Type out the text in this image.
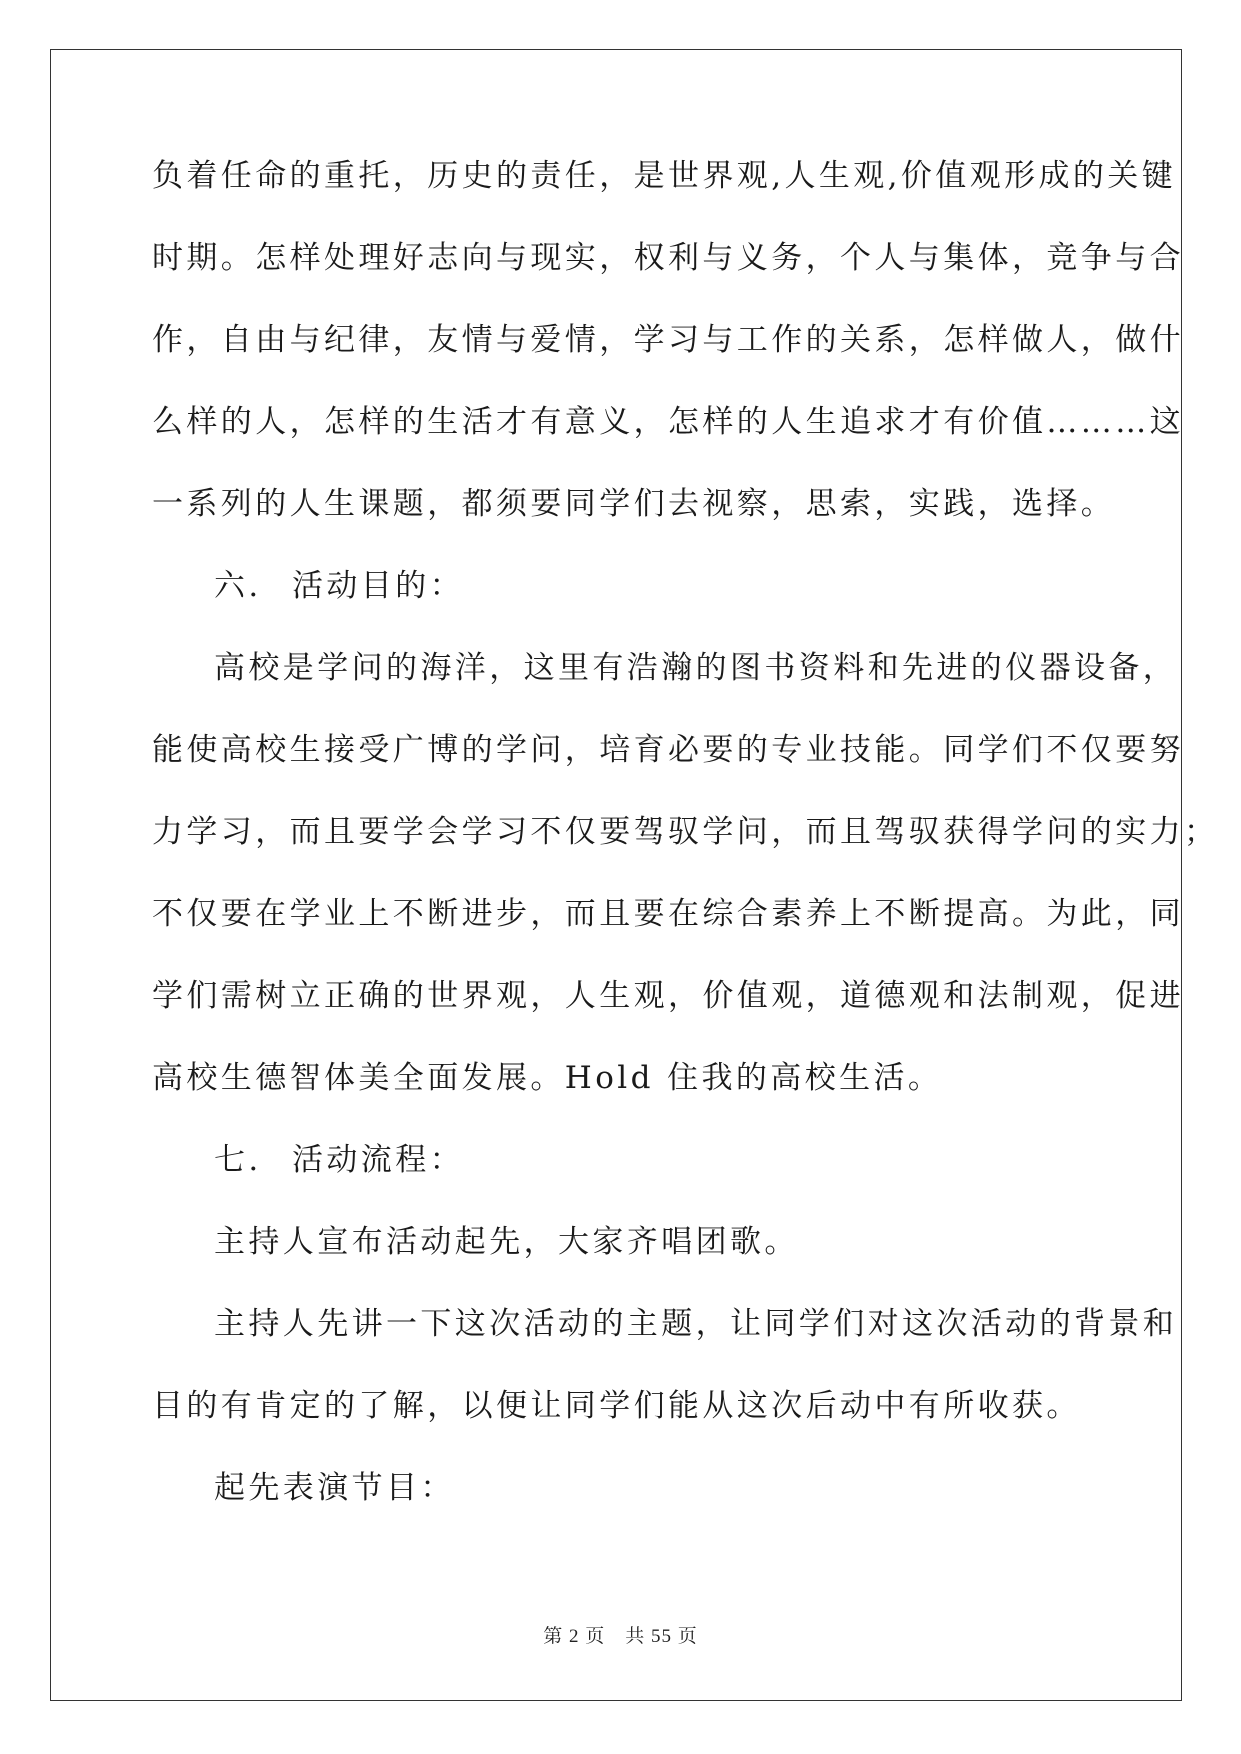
负着任命的重托，历史的责任，是世界观,人生观,价值观形成的关键
时期。怎样处理好志向与现实，权利与义务，个人与集体，竞争与合
作，自由与纪律，友情与爱情，学习与工作的关系，怎样做人，做什
么样的人，怎样的生活才有意义，怎样的人生追求才有价值………这
一系列的人生课题，都须要同学们去视察，思索，实践，选择。
六. 活动目的：
高校是学问的海洋，这里有浩瀚的图书资料和先进的仪器设备，
能使高校生接受广博的学问，培育必要的专业技能。同学们不仅要努
力学习，而且要学会学习不仅要驾驭学问，而且驾驭获得学问的实力；
不仅要在学业上不断进步，而且要在综合素养上不断提高。为此，同
学们需树立正确的世界观，人生观，价值观，道德观和法制观，促进
高校生德智体美全面发展。Hold 住我的高校生活。
七. 活动流程：
主持人宣布活动起先，大家齐唱团歌。
主持人先讲一下这次活动的主题，让同学们对这次活动的背景和
目的有肯定的了解，以便让同学们能从这次后动中有所收获。
起先表演节目：
第 2 页 共 55 页
